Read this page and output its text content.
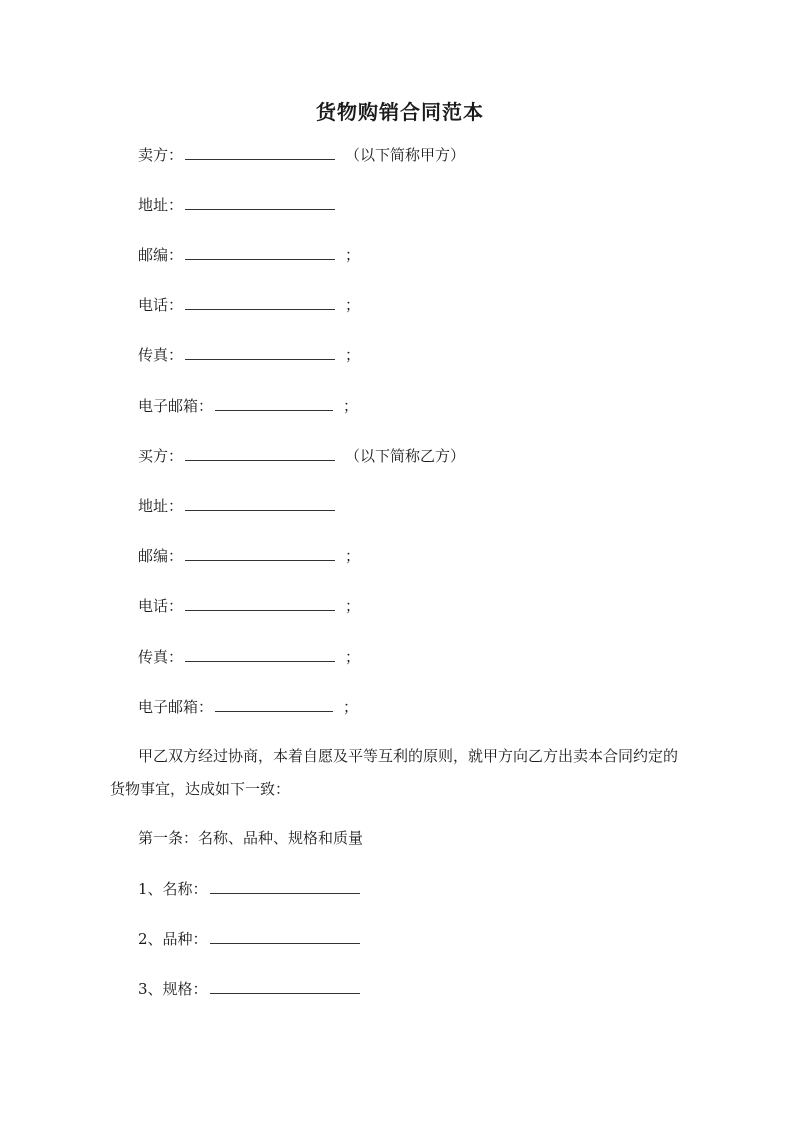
货物购销合同范本
卖方：	（以下简称甲方）
地址：
邮编：	；
电话：	；
传真：	；
电子邮箱：	；
买方：	（以下简称乙方）
地址：
邮编：	；
电话：	；
传真：	；
电子邮箱：	；
甲乙双方经过协商，本着自愿及平等互利的原则，就甲方向乙方出卖本合同约定的货物事宜，达成如下一致：
第一条：名称、品种、规格和质量
1、名称：
2、品种：
3、规格：
